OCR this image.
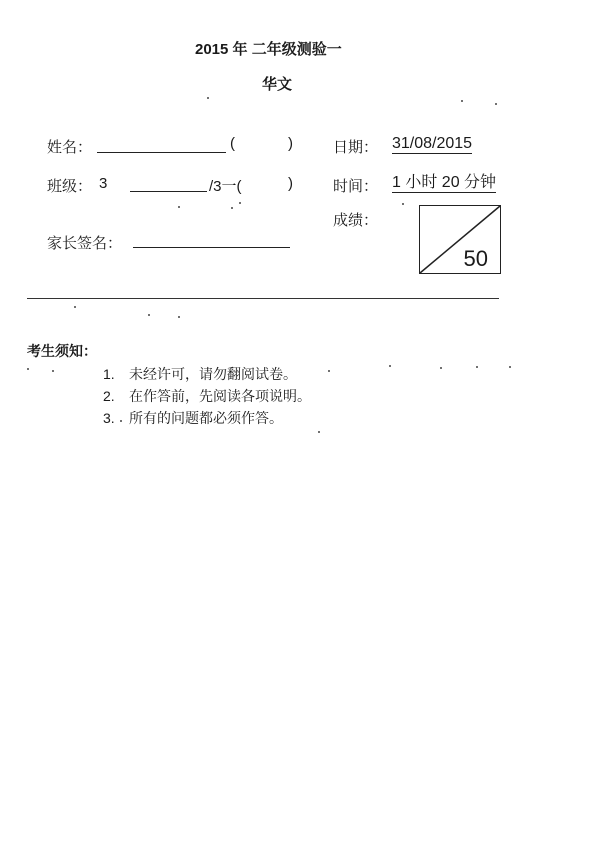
2015 年 二年级测验一
华文
姓名：	(	)	日期： 31/08/2015
班级： 3	/3一(	)	时间： 1 小时 20 分钟
成绩：
50
家长签名：
考生须知：
1. 未经许可，请勿翻阅试卷。
2. 在作答前，先阅读各项说明。
3. 所有的问题都必须作答。
